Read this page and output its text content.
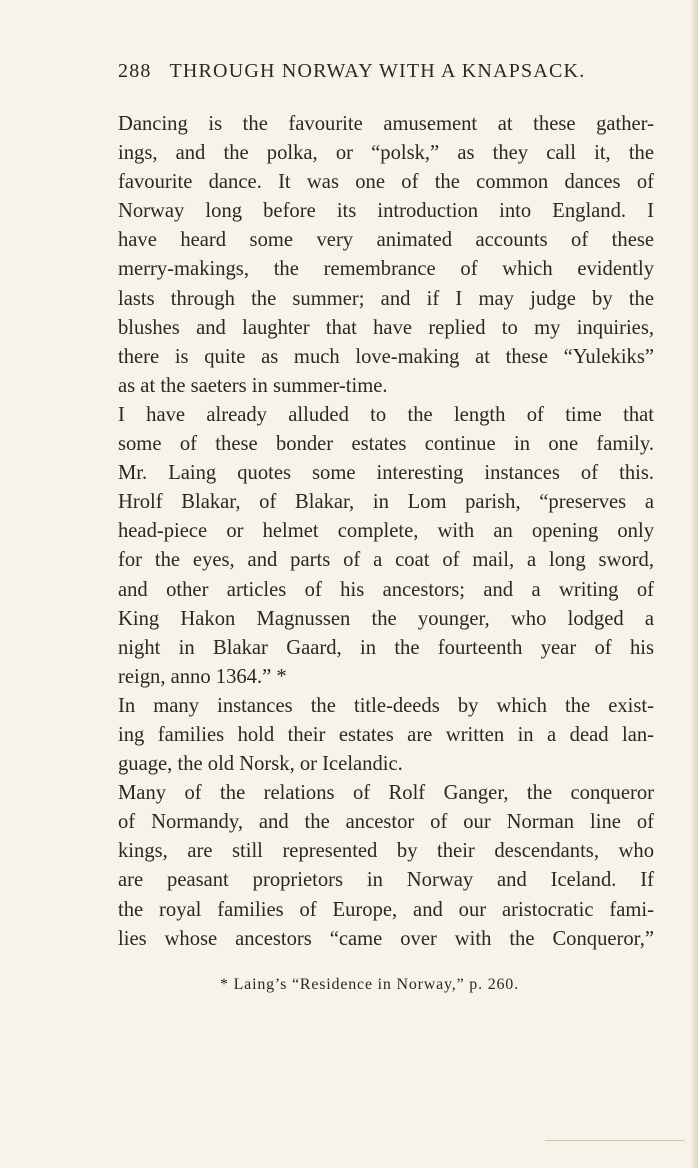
288 THROUGH NORWAY WITH A KNAPSACK.
Dancing is the favourite amusement at these gather-
ings, and the polka, or “polsk,” as they call it, the
favourite dance. It was one of the common dances of
Norway long before its introduction into England. I
have heard some very animated accounts of these
merry-makings, the remembrance of which evidently
lasts through the summer; and if I may judge by the
blushes and laughter that have replied to my inquiries,
there is quite as much love-making at these “Yulekiks”
as at the saeters in summer-time.
I have already alluded to the length of time that
some of these bonder estates continue in one family.
Mr. Laing quotes some interesting instances of this.
Hrolf Blakar, of Blakar, in Lom parish, “preserves a
head-piece or helmet complete, with an opening only
for the eyes, and parts of a coat of mail, a long sword,
and other articles of his ancestors; and a writing of
King Hakon Magnussen the younger, who lodged a
night in Blakar Gaard, in the fourteenth year of his
reign, anno 1364.” *
In many instances the title-deeds by which the exist-
ing families hold their estates are written in a dead lan-
guage, the old Norsk, or Icelandic.
Many of the relations of Rolf Ganger, the conqueror
of Normandy, and the ancestor of our Norman line of
kings, are still represented by their descendants, who
are peasant proprietors in Norway and Iceland. If
the royal families of Europe, and our aristocratic fami-
lies whose ancestors “came over with the Conqueror,”
* Laing’s “Residence in Norway,” p. 260.
